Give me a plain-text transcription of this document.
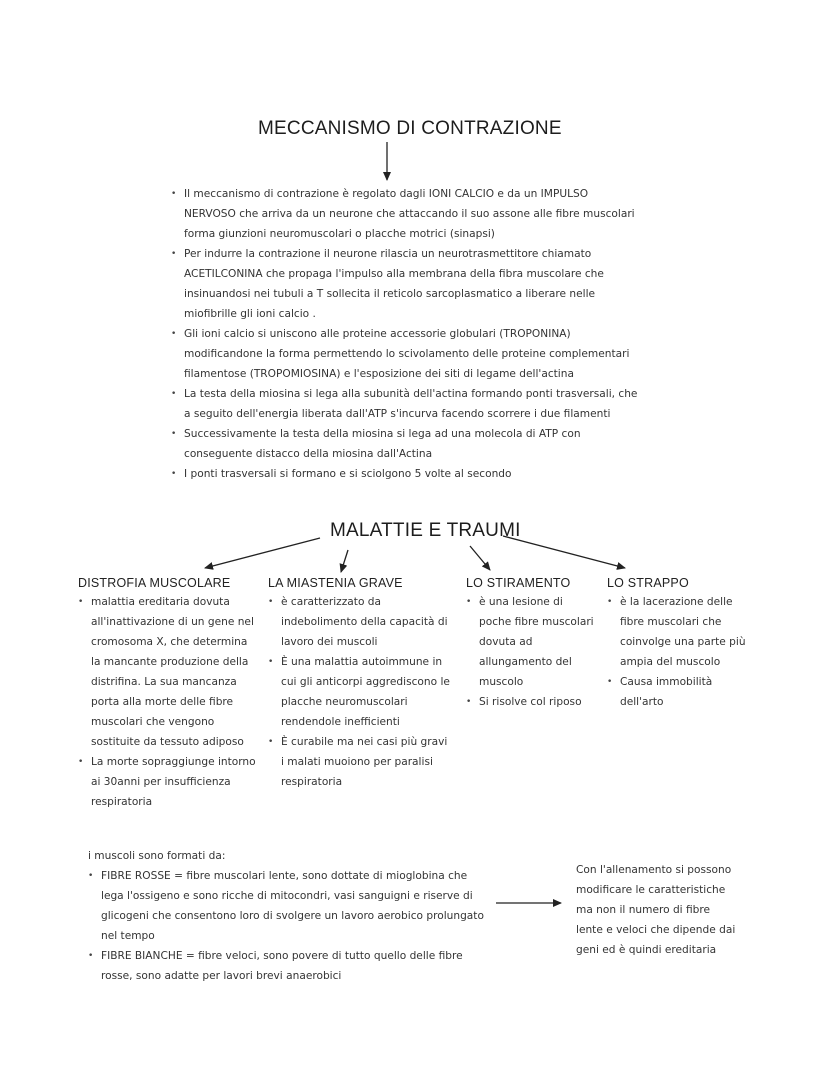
MECCANISMO DI CONTRAZIONE
• Il meccanismo di contrazione è regolato dagli IONI CALCIO e da un IMPULSO NERVOSO che arriva da un neurone che attaccando il suo assone alle fibre muscolari forma giunzioni neuromuscolari o placche motrici (sinapsi)
• Per indurre la contrazione il neurone rilascia un neurotrasmettitore chiamato ACETILCONINA che propaga l'impulso alla membrana della fibra muscolare che insinuandosi nei tubuli a T sollecita il reticolo sarcoplasmatico a liberare nelle miofibrille gli ioni calcio .
• Gli ioni calcio si uniscono alle proteine accessorie globulari (TROPONINA) modificandone la forma permettendo lo scivolamento delle proteine complementari filamentose (TROPOMIOSINA) e l'esposizione dei siti di legame dell'actina
• La testa della miosina si lega alla subunità dell'actina formando ponti trasversali, che a seguito dell'energia liberata dall'ATP s'incurva facendo scorrere i due filamenti
• Successivamente la testa della miosina si lega ad una molecola di ATP con conseguente distacco della miosina dall'Actina
• I ponti trasversali si formano e si sciolgono 5 volte al secondo
MALATTIE E TRAUMI
DISTROFIA MUSCOLARE
• malattia ereditaria dovuta all'inattivazione di un gene nel cromosoma X, che determina la mancante produzione della distrifina. La sua mancanza porta alla morte delle fibre muscolari che vengono sostituite da tessuto adiposo
• La morte sopraggiunge intorno ai 30anni per insufficienza respiratoria
LA MIASTENIA GRAVE
• è caratterizzato da indebolimento della capacità di lavoro dei muscoli
• È una malattia autoimmune in cui gli anticorpi aggrediscono le placche neuromuscolari rendendole inefficienti
• È curabile ma nei casi più gravi i malati muoiono per paralisi respiratoria
LO STIRAMENTO
• è una lesione di poche fibre muscolari dovuta ad allungamento del muscolo
• Si risolve col riposo
LO STRAPPO
• è la lacerazione delle fibre muscolari che coinvolge una parte più ampia del muscolo
• Causa immobilità dell'arto
i muscoli sono formati da:
• FIBRE ROSSE = fibre muscolari lente, sono dottate di mioglobina che lega l'ossigeno e sono ricche di mitocondri, vasi sanguigni e riserve di glicogeni che consentono loro di svolgere un lavoro aerobico prolungato nel tempo
• FIBRE BIANCHE = fibre veloci, sono povere di tutto quello delle fibre rosse, sono adatte per lavori brevi anaerobici
Con l'allenamento si possono modificare le caratteristiche ma non il numero di fibre lente e veloci che dipende dai geni ed è quindi ereditaria
